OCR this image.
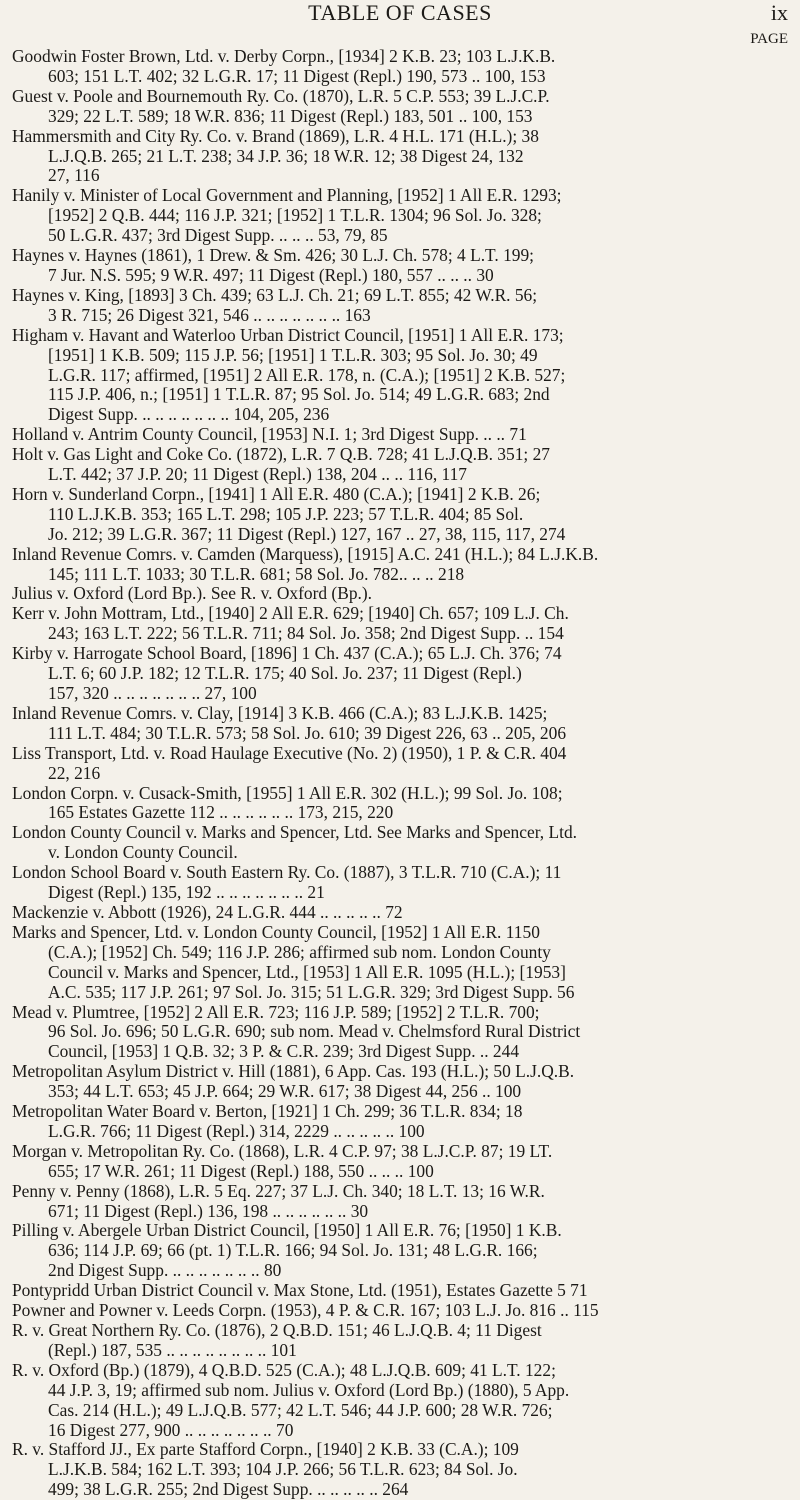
TABLE OF CASES	ix
PAGE
Goodwin Foster Brown, Ltd. v. Derby Corpn., [1934] 2 K.B. 23; 103 L.J.K.B.
603; 151 L.T. 402; 32 L.G.R. 17; 11 Digest (Repl.) 190, 573 .. 100, 153
Guest v. Poole and Bournemouth Ry. Co. (1870), L.R. 5 C.P. 553; 39 L.J.C.P.
329; 22 L.T. 589; 18 W.R. 836; 11 Digest (Repl.) 183, 501 .. 100, 153
Hammersmith and City Ry. Co. v. Brand (1869), L.R. 4 H.L. 171 (H.L.); 38
L.J.Q.B. 265; 21 L.T. 238; 34 J.P. 36; 18 W.R. 12; 38 Digest 24, 132
27, 116
Hanily v. Minister of Local Government and Planning, [1952] 1 All E.R. 1293;
[1952] 2 Q.B. 444; 116 J.P. 321; [1952] 1 T.L.R. 1304; 96 Sol. Jo. 328;
50 L.G.R. 437; 3rd Digest Supp. .. .. .. 53, 79, 85
Haynes v. Haynes (1861), 1 Drew. & Sm. 426; 30 L.J. Ch. 578; 4 L.T. 199;
7 Jur. N.S. 595; 9 W.R. 497; 11 Digest (Repl.) 180, 557 .. .. .. 30
Haynes v. King, [1893] 3 Ch. 439; 63 L.J. Ch. 21; 69 L.T. 855; 42 W.R. 56;
3 R. 715; 26 Digest 321, 546 .. .. .. .. .. .. .. 163
Higham v. Havant and Waterloo Urban District Council, [1951] 1 All E.R. 173;
[1951] 1 K.B. 509; 115 J.P. 56; [1951] 1 T.L.R. 303; 95 Sol. Jo. 30; 49
L.G.R. 117; affirmed, [1951] 2 All E.R. 178, n. (C.A.); [1951] 2 K.B. 527;
115 J.P. 406, n.; [1951] 1 T.L.R. 87; 95 Sol. Jo. 514; 49 L.G.R. 683; 2nd
Digest Supp. .. .. .. .. .. .. .. 104, 205, 236
Holland v. Antrim County Council, [1953] N.I. 1; 3rd Digest Supp. .. .. 71
Holt v. Gas Light and Coke Co. (1872), L.R. 7 Q.B. 728; 41 L.J.Q.B. 351; 27
L.T. 442; 37 J.P. 20; 11 Digest (Repl.) 138, 204 .. .. 116, 117
Horn v. Sunderland Corpn., [1941] 1 All E.R. 480 (C.A.); [1941] 2 K.B. 26;
110 L.J.K.B. 353; 165 L.T. 298; 105 J.P. 223; 57 T.L.R. 404; 85 Sol.
Jo. 212; 39 L.G.R. 367; 11 Digest (Repl.) 127, 167 .. 27, 38, 115, 117, 274
Inland Revenue Comrs. v. Camden (Marquess), [1915] A.C. 241 (H.L.); 84 L.J.K.B.
145; 111 L.T. 1033; 30 T.L.R. 681; 58 Sol. Jo. 782.. .. .. 218
Julius v. Oxford (Lord Bp.). See R. v. Oxford (Bp.).
Kerr v. John Mottram, Ltd., [1940] 2 All E.R. 629; [1940] Ch. 657; 109 L.J. Ch.
243; 163 L.T. 222; 56 T.L.R. 711; 84 Sol. Jo. 358; 2nd Digest Supp. .. 154
Kirby v. Harrogate School Board, [1896] 1 Ch. 437 (C.A.); 65 L.J. Ch. 376; 74
L.T. 6; 60 J.P. 182; 12 T.L.R. 175; 40 Sol. Jo. 237; 11 Digest (Repl.)
157, 320 .. .. .. .. .. .. .. 27, 100
Inland Revenue Comrs. v. Clay, [1914] 3 K.B. 466 (C.A.); 83 L.J.K.B. 1425;
111 L.T. 484; 30 T.L.R. 573; 58 Sol. Jo. 610; 39 Digest 226, 63 .. 205, 206
Liss Transport, Ltd. v. Road Haulage Executive (No. 2) (1950), 1 P. & C.R. 404
22, 216
London Corpn. v. Cusack-Smith, [1955] 1 All E.R. 302 (H.L.); 99 Sol. Jo. 108;
165 Estates Gazette 112 .. .. .. .. .. .. 173, 215, 220
London County Council v. Marks and Spencer, Ltd. See Marks and Spencer, Ltd.
v. London County Council.
London School Board v. South Eastern Ry. Co. (1887), 3 T.L.R. 710 (C.A.); 11
Digest (Repl.) 135, 192 .. .. .. .. .. .. .. 21
Mackenzie v. Abbott (1926), 24 L.G.R. 444 .. .. .. .. .. 72
Marks and Spencer, Ltd. v. London County Council, [1952] 1 All E.R. 1150
(C.A.); [1952] Ch. 549; 116 J.P. 286; affirmed sub nom. London County
Council v. Marks and Spencer, Ltd., [1953] 1 All E.R. 1095 (H.L.); [1953]
A.C. 535; 117 J.P. 261; 97 Sol. Jo. 315; 51 L.G.R. 329; 3rd Digest Supp. 56
Mead v. Plumtree, [1952] 2 All E.R. 723; 116 J.P. 589; [1952] 2 T.L.R. 700;
96 Sol. Jo. 696; 50 L.G.R. 690; sub nom. Mead v. Chelmsford Rural District
Council, [1953] 1 Q.B. 32; 3 P. & C.R. 239; 3rd Digest Supp. .. 244
Metropolitan Asylum District v. Hill (1881), 6 App. Cas. 193 (H.L.); 50 L.J.Q.B.
353; 44 L.T. 653; 45 J.P. 664; 29 W.R. 617; 38 Digest 44, 256 .. 100
Metropolitan Water Board v. Berton, [1921] 1 Ch. 299; 36 T.L.R. 834; 18
L.G.R. 766; 11 Digest (Repl.) 314, 2229 .. .. .. .. .. 100
Morgan v. Metropolitan Ry. Co. (1868), L.R. 4 C.P. 97; 38 L.J.C.P. 87; 19 LT.
655; 17 W.R. 261; 11 Digest (Repl.) 188, 550 .. .. .. 100
Penny v. Penny (1868), L.R. 5 Eq. 227; 37 L.J. Ch. 340; 18 L.T. 13; 16 W.R.
671; 11 Digest (Repl.) 136, 198 .. .. .. .. .. .. 30
Pilling v. Abergele Urban District Council, [1950] 1 All E.R. 76; [1950] 1 K.B.
636; 114 J.P. 69; 66 (pt. 1) T.L.R. 166; 94 Sol. Jo. 131; 48 L.G.R. 166;
2nd Digest Supp. .. .. .. .. .. .. .. 80
Pontypridd Urban District Council v. Max Stone, Ltd. (1951), Estates Gazette 5 71
Powner and Powner v. Leeds Corpn. (1953), 4 P. & C.R. 167; 103 L.J. Jo. 816 .. 115
R. v. Great Northern Ry. Co. (1876), 2 Q.B.D. 151; 46 L.J.Q.B. 4; 11 Digest
(Repl.) 187, 535 .. .. .. .. .. .. .. .. 101
R. v. Oxford (Bp.) (1879), 4 Q.B.D. 525 (C.A.); 48 L.J.Q.B. 609; 41 L.T. 122;
44 J.P. 3, 19; affirmed sub nom. Julius v. Oxford (Lord Bp.) (1880), 5 App.
Cas. 214 (H.L.); 49 L.J.Q.B. 577; 42 L.T. 546; 44 J.P. 600; 28 W.R. 726;
16 Digest 277, 900 .. .. .. .. .. .. .. 70
R. v. Stafford JJ., Ex parte Stafford Corpn., [1940] 2 K.B. 33 (C.A.); 109
L.J.K.B. 584; 162 L.T. 393; 104 J.P. 266; 56 T.L.R. 623; 84 Sol. Jo.
499; 38 L.G.R. 255; 2nd Digest Supp. .. .. .. .. .. 264
